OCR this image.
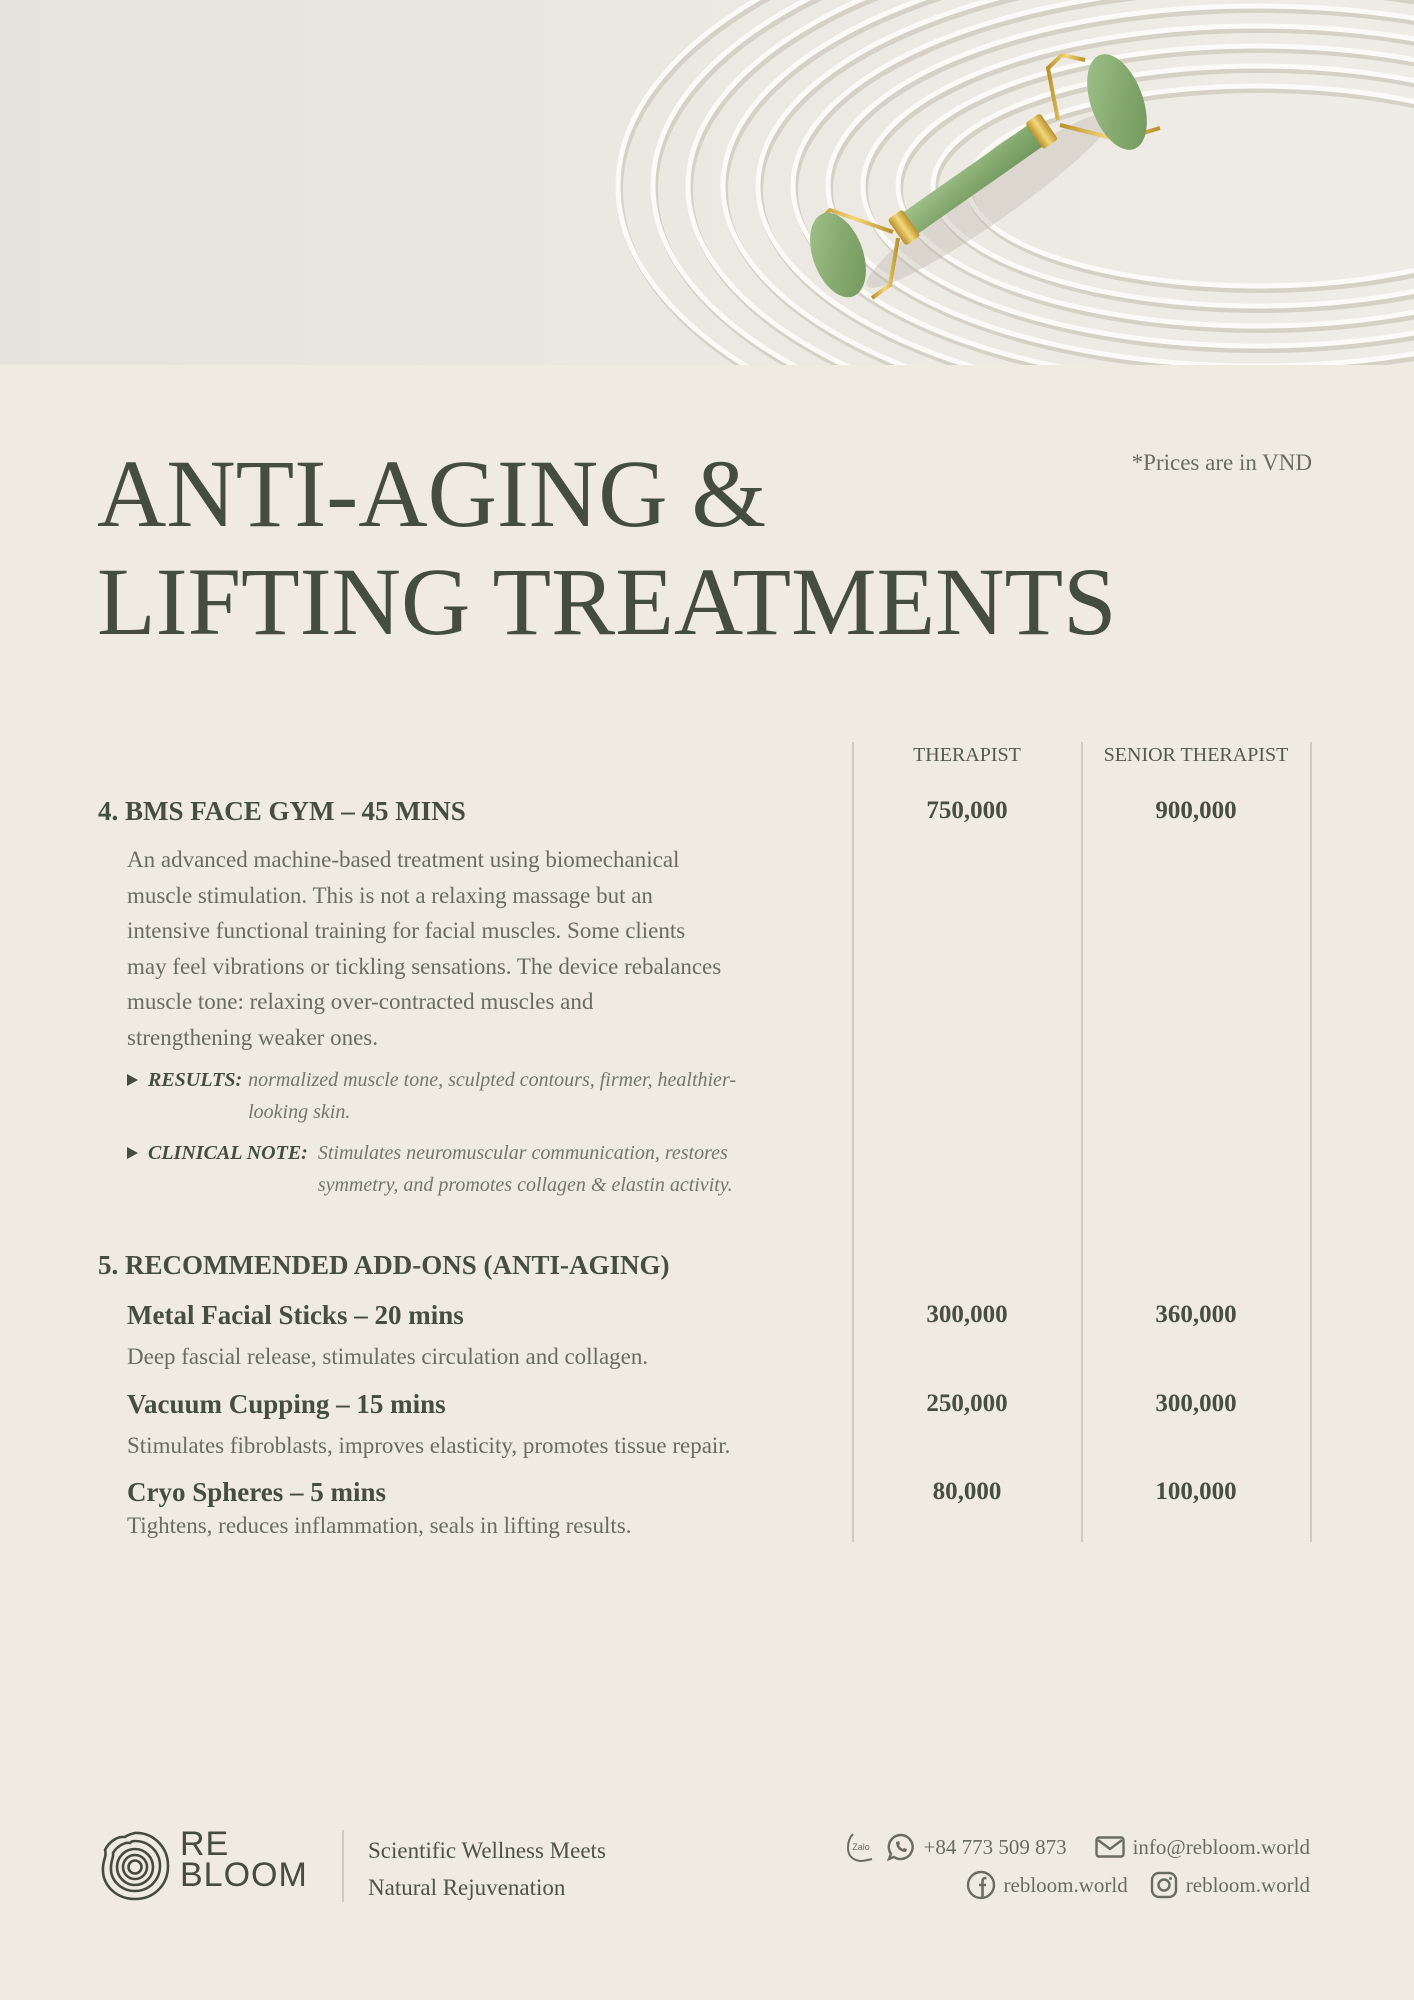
*Prices are in VND
ANTI-AGING &
LIFTING TREATMENTS
THERAPIST	SENIOR THERAPIST
4. BMS FACE GYM – 45 MINS	750,000	900,000
An advanced machine-based treatment using biomechanical
muscle stimulation. This is not a relaxing massage but an
intensive functional training for facial muscles. Some clients
may feel vibrations or tickling sensations. The device rebalances
muscle tone: relaxing over-contracted muscles and
strengthening weaker ones.
RESULTS: normalized muscle tone, sculpted contours, firmer, healthier-
looking skin.
CLINICAL NOTE: Stimulates neuromuscular communication, restores
symmetry, and promotes collagen & elastin activity.
5. RECOMMENDED ADD-ONS (ANTI-AGING)
Metal Facial Sticks – 20 mins	300,000	360,000
Deep fascial release, stimulates circulation and collagen.
Vacuum Cupping – 15 mins	250,000	300,000
Stimulates fibroblasts, improves elasticity, promotes tissue repair.
Cryo Spheres – 5 mins	80,000	100,000
Tightens, reduces inflammation, seals in lifting results.
RE
BLOOM
Scientific Wellness Meets
Natural Rejuvenation
Zalo	+84 773 509 873	info@rebloom.world
rebloom.world	rebloom.world
